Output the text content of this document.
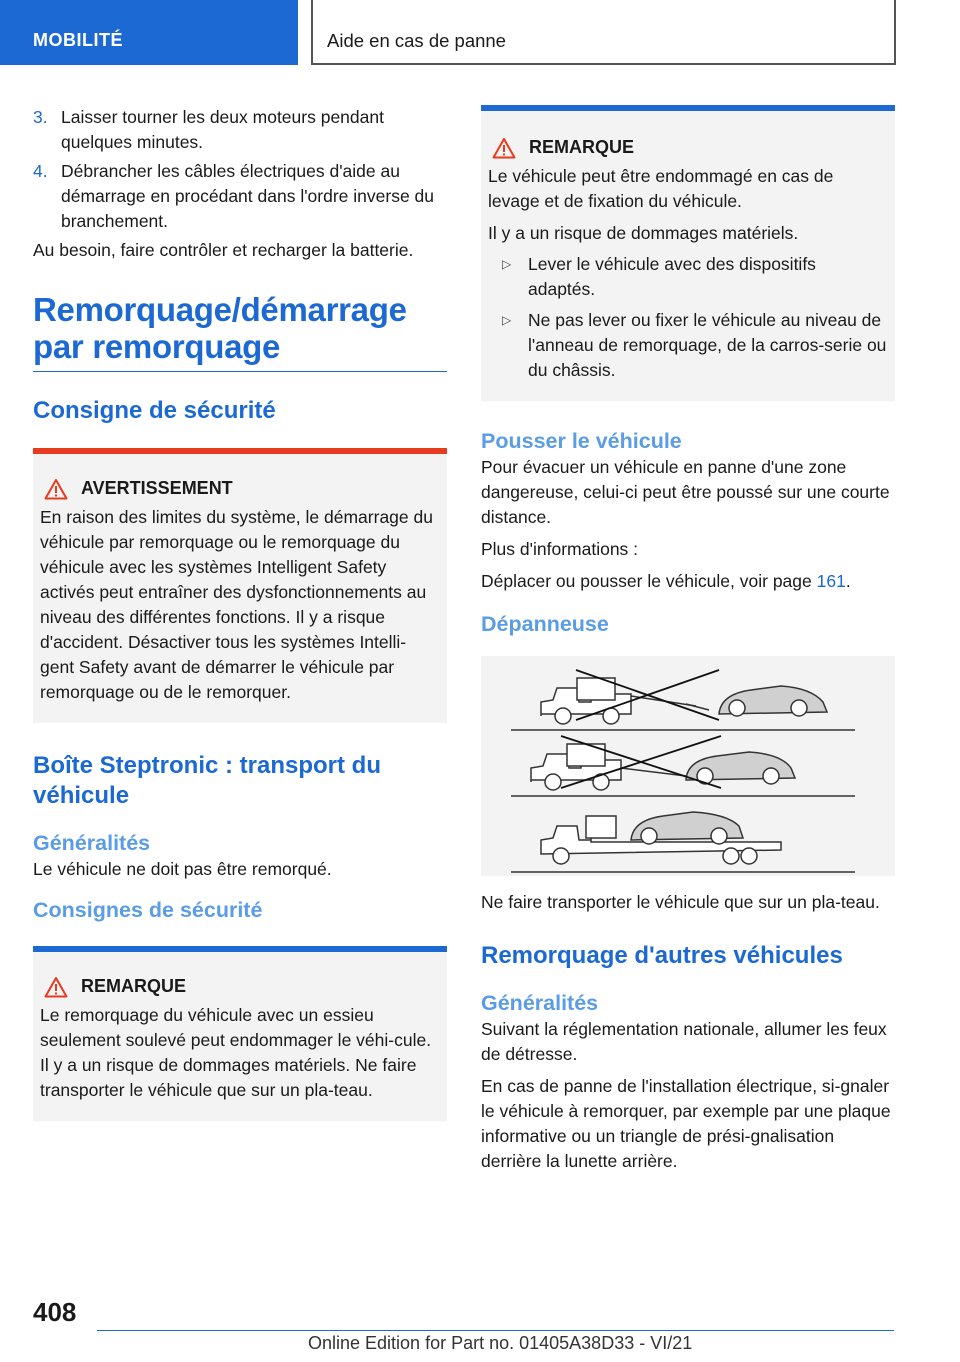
MOBILITÉ	Aide en cas de panne
3. Laisser tourner les deux moteurs pendant quelques minutes.
4. Débrancher les câbles électriques d'aide au démarrage en procédant dans l'ordre inverse du branchement.

Au besoin, faire contrôler et recharger la batterie.

Remorquage/démarrage par remorquage
Consigne de sécurité
AVERTISSEMENT
En raison des limites du système, le démarrage du véhicule par remorquage ou le remorquage du véhicule avec les systèmes Intelligent Safety activés peut entraîner des dysfonctionnements au niveau des différentes fonctions. Il y a risque d'accident. Désactiver tous les systèmes Intelli-gent Safety avant de démarrer le véhicule par remorquage ou de le remorquer.
Boîte Steptronic : transport du véhicule
Généralités

Le véhicule ne doit pas être remorqué.

Consignes de sécurité
REMARQUE
Le remorquage du véhicule avec un essieu seulement soulevé peut endommager le véhi-cule. Il y a un risque de dommages matériels. Ne faire transporter le véhicule que sur un pla-teau.
REMARQUE

Le véhicule peut être endommagé en cas de levage et de fixation du véhicule.

Il y a un risque de dommages matériels.

▷ Lever le véhicule avec des dispositifs adaptés.
▷ Ne pas lever ou fixer le véhicule au niveau de l'anneau de remorquage, de la carros-serie ou du châssis.
Pousser le véhicule

Pour évacuer un véhicule en panne d'une zone dangereuse, celui-ci peut être poussé sur une courte distance.

Plus d'informations :

Déplacer ou pousser le véhicule, voir page 161.

Dépanneuse

Ne faire transporter le véhicule que sur un pla-teau.

Remorquage d'autres véhicules
Généralités

Suivant la réglementation nationale, allumer les feux de détresse.

En cas de panne de l'installation électrique, si-gnaler le véhicule à remorquer, par exemple par une plaque informative ou un triangle de prési-gnalisation derrière la lunette arrière.

408
Online Edition for Part no. 01405A38D33 - VI/21
